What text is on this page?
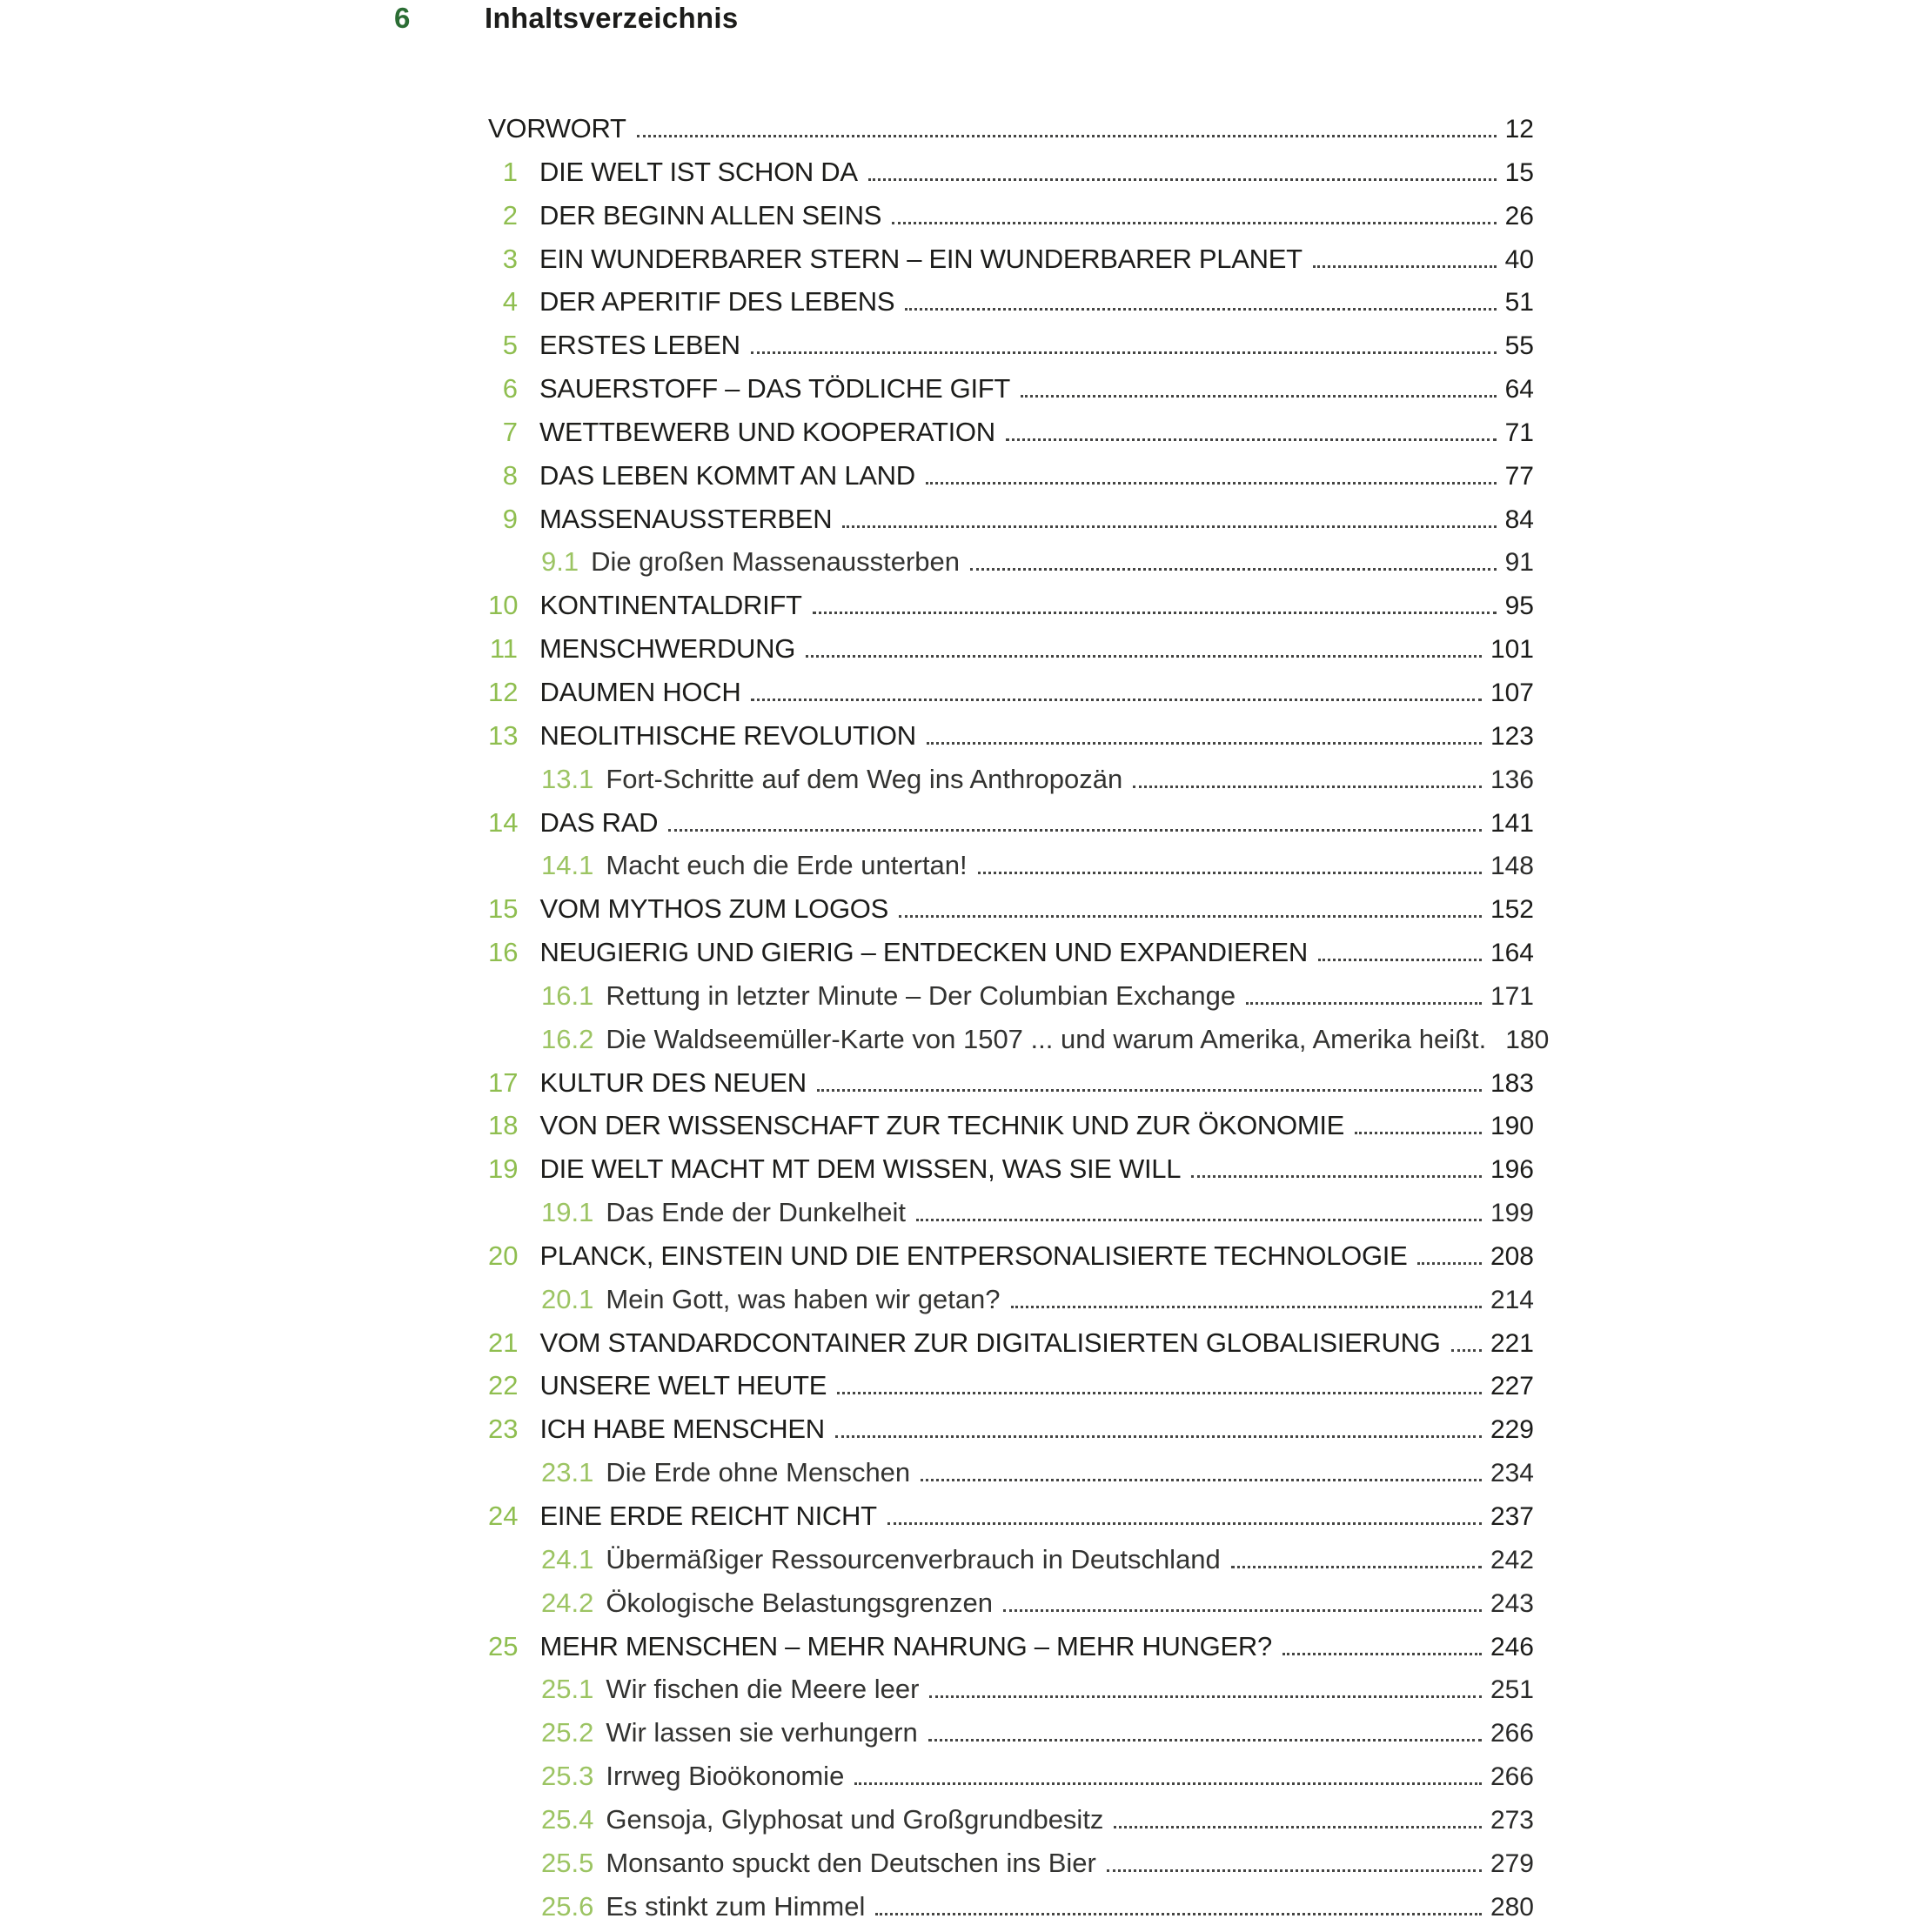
6	Inhaltsverzeichnis
VORWORT	12
1 DIE WELT IST SCHON DA	15
2 DER BEGINN ALLEN SEINS	26
3 EIN WUNDERBARER STERN – EIN WUNDERBARER PLANET	40
4 DER APERITIF DES LEBENS	51
5 ERSTES LEBEN	55
6 SAUERSTOFF – DAS TÖDLICHE GIFT	64
7 WETTBEWERB UND KOOPERATION	71
8 DAS LEBEN KOMMT AN LAND	77
9 MASSENAUSSTERBEN	84
9.1 Die großen Massenaussterben	91
10 KONTINENTALDRIFT	95
11 MENSCHWERDUNG	101
12 DAUMEN HOCH	107
13 NEOLITHISCHE REVOLUTION	123
13.1 Fort-Schritte auf dem Weg ins Anthropozän	136
14 DAS RAD	141
14.1 Macht euch die Erde untertan!	148
15 VOM MYTHOS ZUM LOGOS	152
16 NEUGIERIG UND GIERIG – ENTDECKEN UND EXPANDIEREN	164
16.1 Rettung in letzter Minute – Der Columbian Exchange	171
16.2 Die Waldseemüller-Karte von 1507 ... und warum Amerika, Amerika heißt. 180
17 KULTUR DES NEUEN	183
18 VON DER WISSENSCHAFT ZUR TECHNIK UND ZUR ÖKONOMIE	190
19 DIE WELT MACHT MT DEM WISSEN, WAS SIE WILL	196
19.1 Das Ende der Dunkelheit	199
20 PLANCK, EINSTEIN UND DIE ENTPERSONALISIERTE TECHNOLOGIE	208
20.1 Mein Gott, was haben wir getan?	214
21 VOM STANDARDCONTAINER ZUR DIGITALISIERTEN GLOBALISIERUNG 221
22 UNSERE WELT HEUTE	227
23 ICH HABE MENSCHEN	229
23.1 Die Erde ohne Menschen	234
24 EINE ERDE REICHT NICHT	237
24.1 Übermäßiger Ressourcenverbrauch in Deutschland	242
24.2 Ökologische Belastungsgrenzen	243
25 MEHR MENSCHEN – MEHR NAHRUNG – MEHR HUNGER?	246
25.1 Wir fischen die Meere leer	251
25.2 Wir lassen sie verhungern	266
25.3 Irrweg Bioökonomie	266
25.4 Gensoja, Glyphosat und Großgrundbesitz	273
25.5 Monsanto spuckt den Deutschen ins Bier	279
25.6 Es stinkt zum Himmel	280
